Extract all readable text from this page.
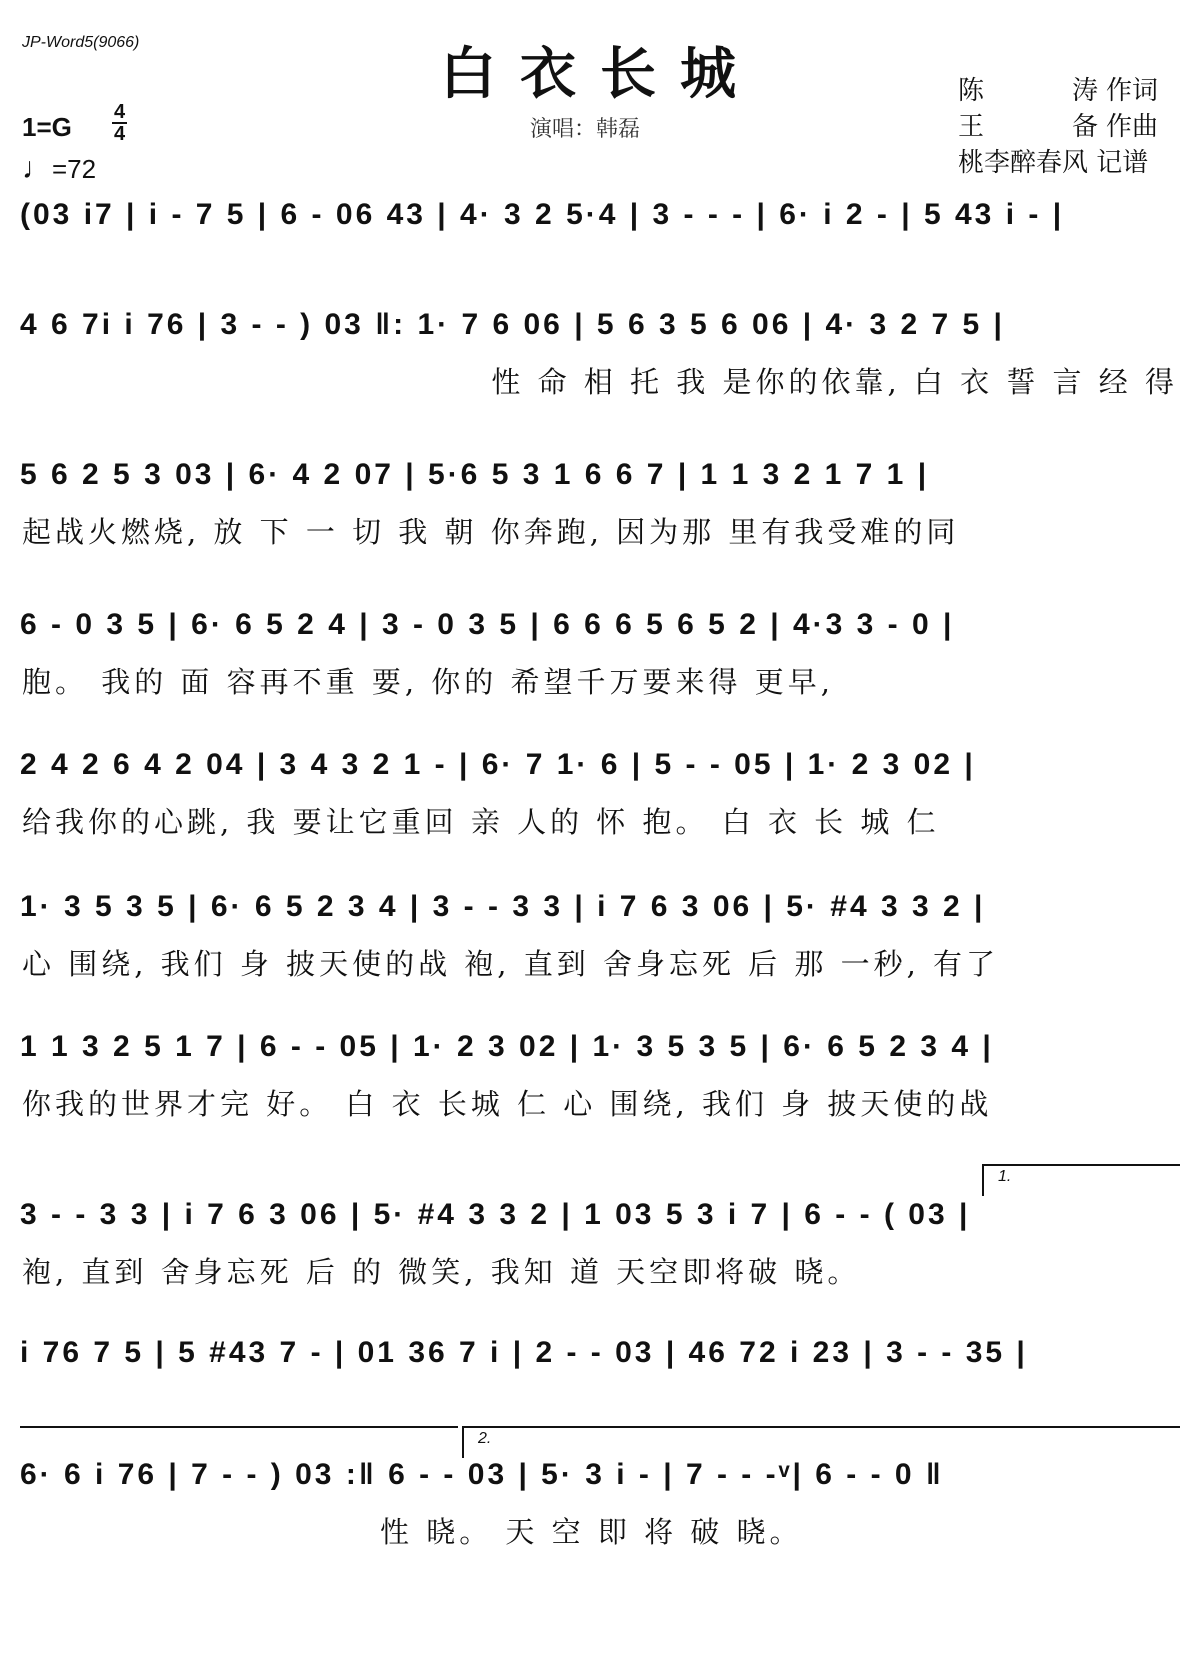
JP-Word5(9066)	白衣长城
演唱：韩磊
陈 涛 作词
王 备 作曲
桃李醉春风 记谱
$1=G \frac{4}{4}$
♩=72
(03 i7 | i - 7 5 | 6 - 06 43 | 4· 3 2 5·4 | 3 - - - | 6· i 2 - | 5 43 i - |
4 6 7i i 76 | 3 - - ) 03 ‖: 1· 7 6 06 | 5 6 3 5 6 06 | 4· 3 2 7 5 |
性 命 相 托 我 是你的依靠, 白 衣 誓 言 经 得
5 6 2 5 3 03 | 6· 4 2 07 | 5·6 5 3 1 6 6 7 | 1 1 3 2 1 7 1 |
起战火燃烧, 放 下 一 切 我 朝 你奔跑, 因为那 里有我受难的同
6 - 0 3 5 | 6· 6 5 2 4 | 3 - 0 3 5 | 6 6 6 5 6 5 2 | 4·3 3 - 0 |
胞。 我的 面 容再不重 要, 你的 希望千万要来得 更早,
2 4 2 6 4 2 04 | 3 4 3 2 1 - | 6· 7 1· 6 | 5 - - 05 | 1· 2 3 02 |
给我你的心跳, 我 要让它重回 亲 人的 怀 抱。 白 衣 长 城 仁
1· 3 5 3 5 | 6· 6 5 2 3 4 | 3 - - 3 3 | i 7 6 3 06 | 5· #4 3 3 2 |
心 围绕, 我们 身 披天使的战 袍, 直到 舍身忘死 后 那 一秒, 有了
1 1 3 2 5 1 7 | 6 - - 05 | 1· 2 3 02 | 1· 3 5 3 5 | 6· 6 5 2 3 4 |
你我的世界才完 好。 白 衣 长城 仁 心 围绕, 我们 身 披天使的战
1.
3 - - 3 3 | i 7 6 3 06 | 5· #4 3 3 2 | 1 03 5 3 i 7 | 6 - - ( 03 |
袍, 直到 舍身忘死 后 的 微笑, 我知 道 天空即将破 晓。
i 76 7 5 | 5 #43 7 - | 01 36 7 i | 2 - - 03 | 46 72 i 23 | 3 - - 35 |
2.
6· 6 i 76 | 7 - - ) 03 :‖ 6 - - 03 | 5· 3 i - | 7 - - -ᵛ| 6 - - 0 ‖
性 晓。 天 空 即 将 破 晓。
